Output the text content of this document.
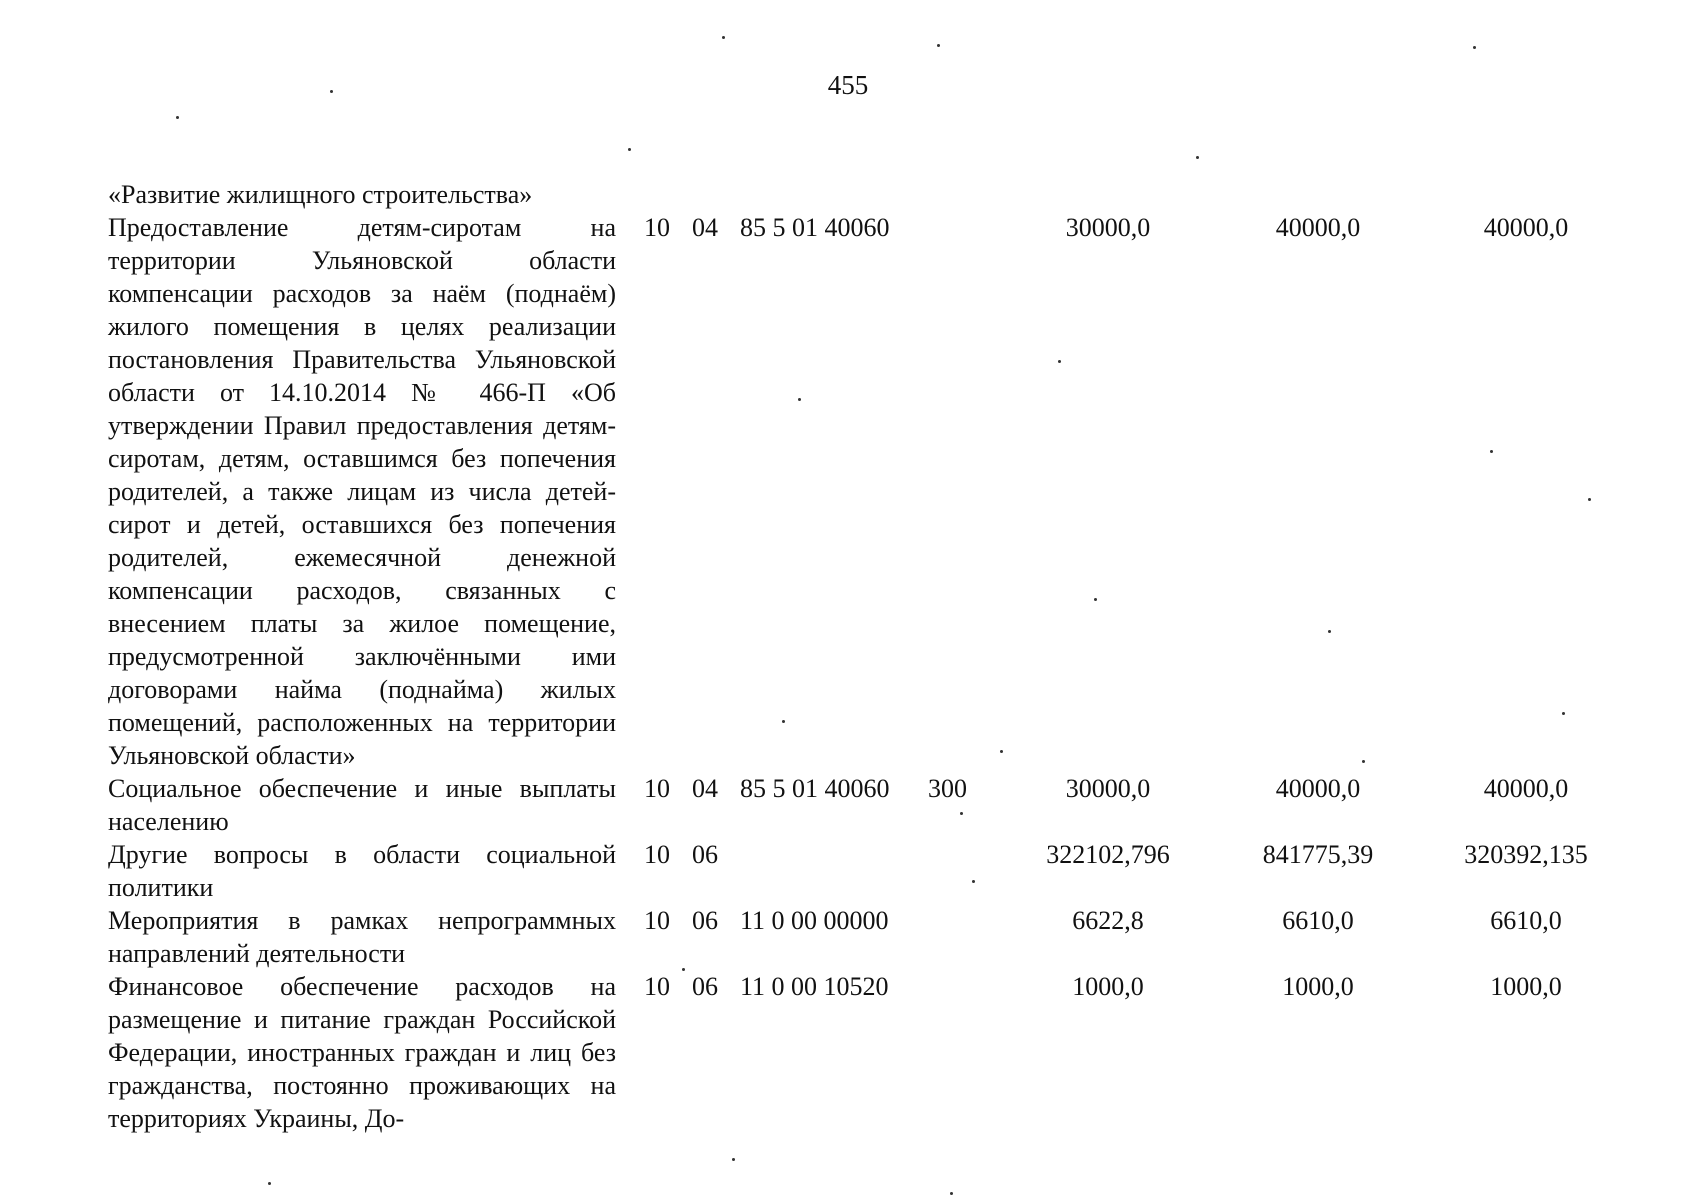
455
«Развитие жилищного строительства»
Предоставление детям-сиротам на территории Ульяновской области компенсации расходов за наём (поднаём) жилого помещения в целях реализации постановления Правительства Ульяновской области от 14.10.2014 № 466-П «Об утверждении Правил предоставления детям-сиротам, детям, оставшимся без попечения родителей, а также лицам из числа детей-сирот и детей, оставшихся без попечения родителей, ежемесячной денежной компенсации расходов, связанных с внесением платы за жилое помещение, предусмотренной заключёнными ими договорами найма (поднайма) жилых помещений, расположенных на территории Ульяновской области»
10 04 85 5 01 40060	30000,0	40000,0	40000,0
Социальное обеспечение и иные выплаты населению
10 04 85 5 01 40060 300	30000,0	40000,0	40000,0
Другие вопросы в области социальной политики
10 06	322102,796	841775,39	320392,135
Мероприятия в рамках непрограммных направлений деятельности
10 06 11 0 00 00000	6622,8	6610,0	6610,0
Финансовое обеспечение расходов на размещение и питание граждан Российской Федерации, иностранных граждан и лиц без гражданства, постоянно проживающих на территориях Украины, До-
10 06 11 0 00 10520	1000,0	1000,0	1000,0
